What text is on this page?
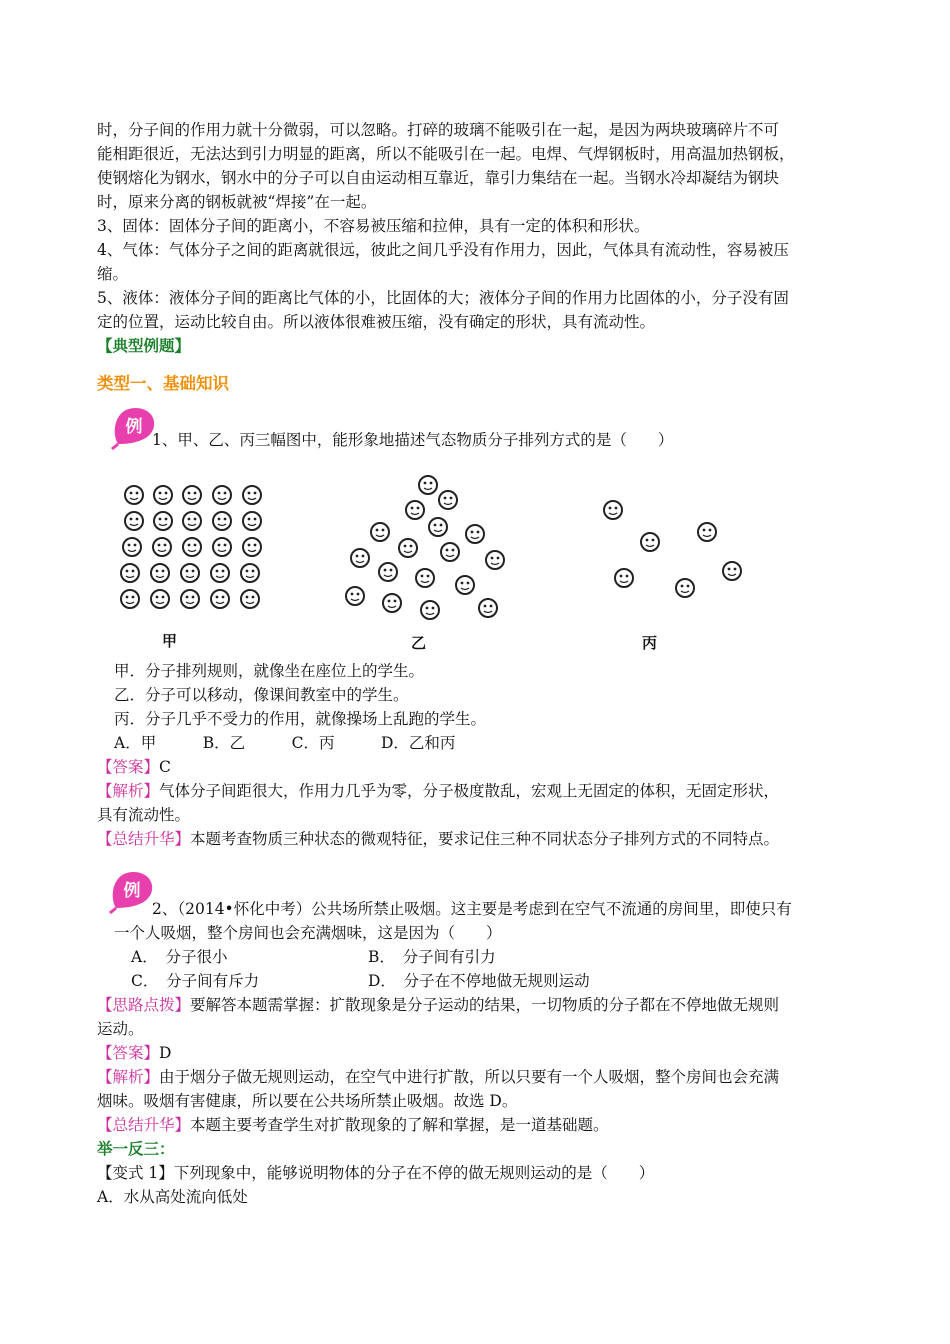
时，分子间的作用力就十分微弱，可以忽略。打碎的玻璃不能吸引在一起，是因为两块玻璃碎片不可
能相距很近，无法达到引力明显的距离，所以不能吸引在一起。电焊、气焊钢板时，用高温加热钢板，
使钢熔化为钢水，钢水中的分子可以自由运动相互靠近，靠引力集结在一起。当钢水冷却凝结为钢块
时，原来分离的钢板就被“焊接”在一起。
3、固体：固体分子间的距离小，不容易被压缩和拉伸，具有一定的体积和形状。
4、气体：气体分子之间的距离就很远，彼此之间几乎没有作用力，因此，气体具有流动性，容易被压
缩。
5、液体：液体分子间的距离比气体的小，比固体的大；液体分子间的作用力比固体的小，分子没有固
定的位置，运动比较自由。所以液体很难被压缩，没有确定的形状，具有流动性。
【典型例题】
类型一、基础知识
例
1、甲、乙、丙三幅图中，能形象地描述气态物质分子排列方式的是（　　）
甲	乙	丙
甲．分子排列规则，就像坐在座位上的学生。
乙．分子可以移动，像课间教室中的学生。
丙．分子几乎不受力的作用，就像操场上乱跑的学生。
A．甲　　　B．乙　　　C．丙　　　D．乙和丙
【答案】C
【解析】气体分子间距很大，作用力几乎为零，分子极度散乱，宏观上无固定的体积，无固定形状，
具有流动性。
【总结升华】本题考查物质三种状态的微观特征，要求记住三种不同状态分子排列方式的不同特点。
例
2、（2014•怀化中考）公共场所禁止吸烟。这主要是考虑到在空气不流通的房间里，即使只有
一个人吸烟，整个房间也会充满烟味，这是因为（　　）
A．　分子很小	B．　分子间有引力
C．　分子间有斥力	D．　分子在不停地做无规则运动
【思路点拨】要解答本题需掌握：扩散现象是分子运动的结果，一切物质的分子都在不停地做无规则
运动。
【答案】D
【解析】由于烟分子做无规则运动，在空气中进行扩散，所以只要有一个人吸烟，整个房间也会充满
烟味。吸烟有害健康，所以要在公共场所禁止吸烟。故选 D。
【总结升华】本题主要考查学生对扩散现象的了解和掌握，是一道基础题。
举一反三：
【变式 1】下列现象中，能够说明物体的分子在不停的做无规则运动的是（　　）
A．水从高处流向低处
